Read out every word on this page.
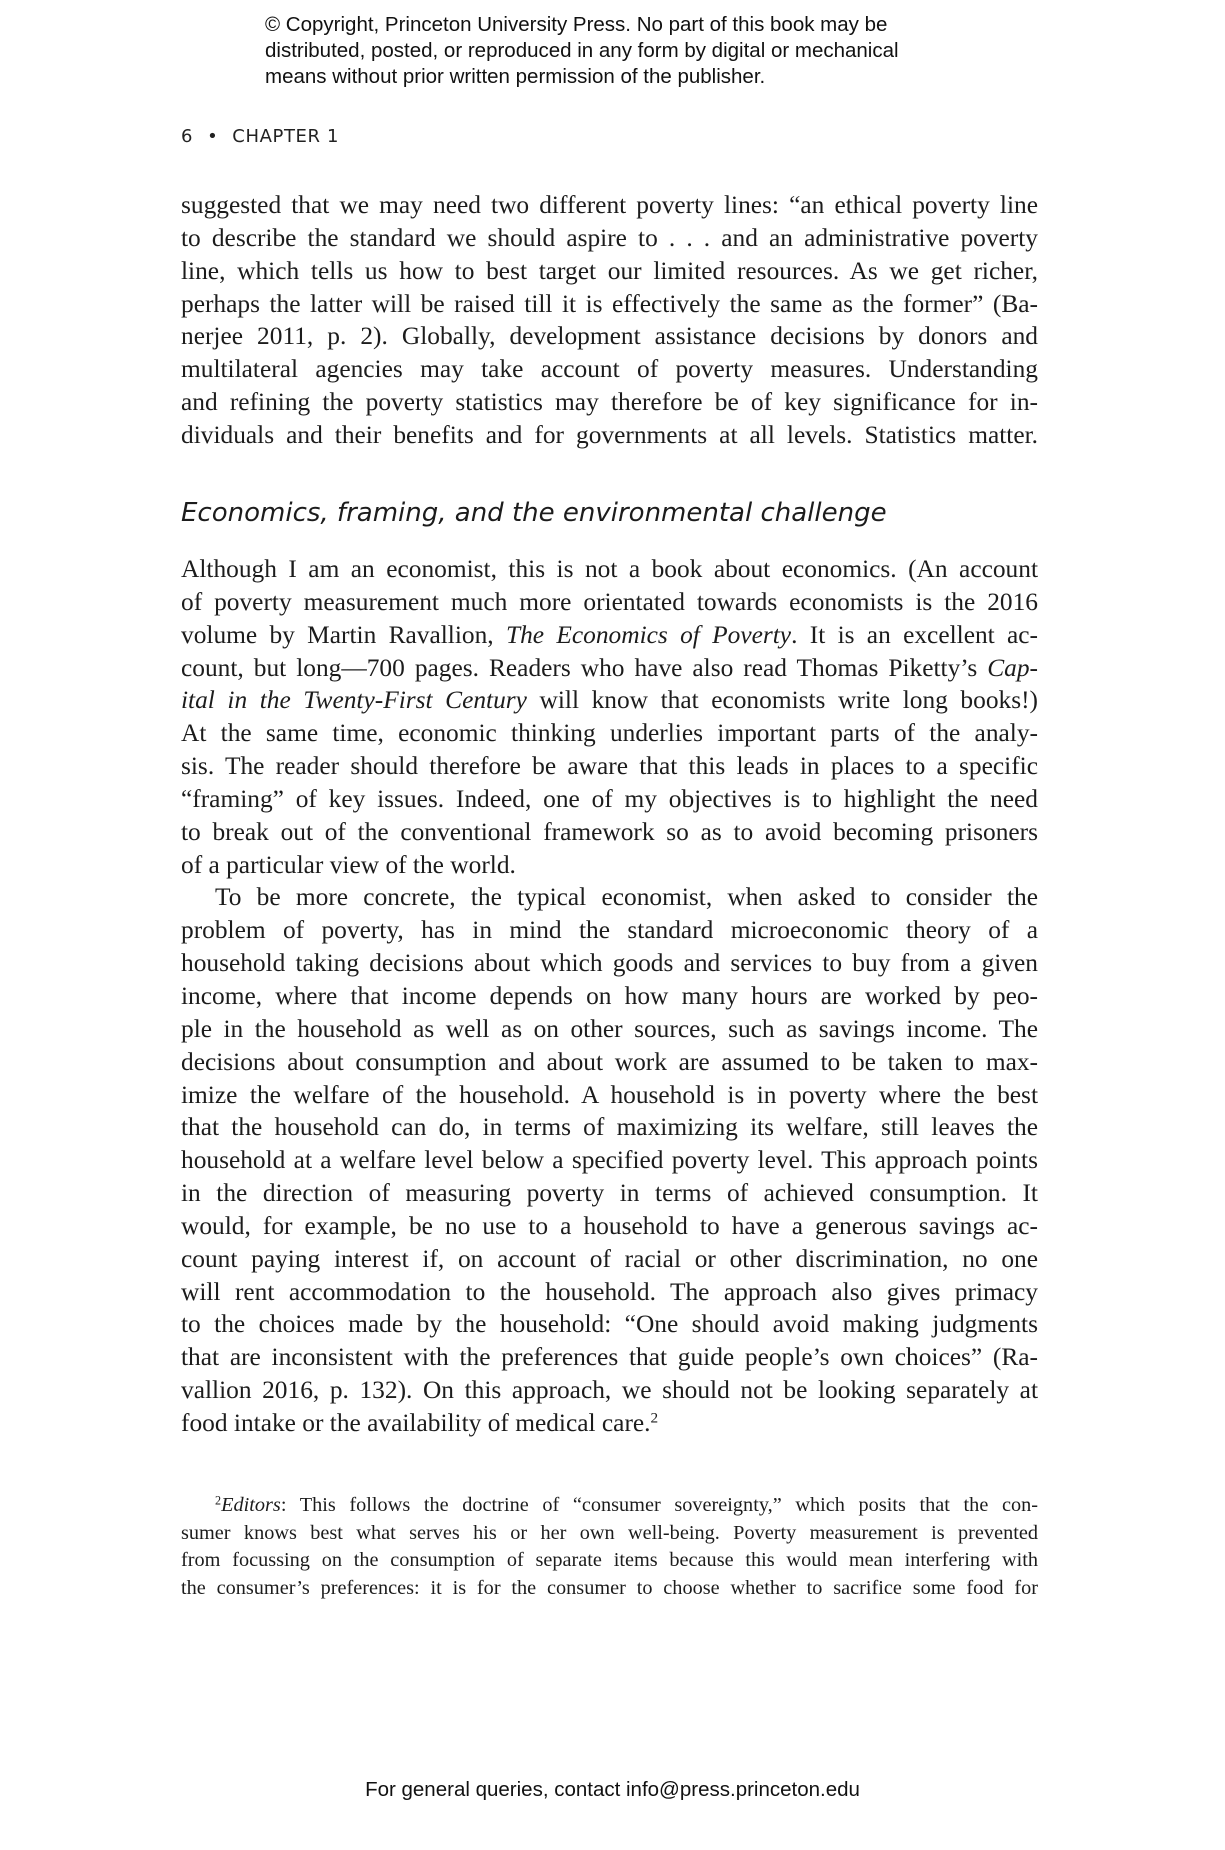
© Copyright, Princeton University Press. No part of this book may be
distributed, posted, or reproduced in any form by digital or mechanical
means without prior written permission of the publisher.
6 • CHAPTER 1
suggested that we may need two different poverty lines: “an ethical poverty line
to describe the standard we should aspire to . . . and an administrative poverty
line, which tells us how to best target our limited resources. As we get richer,
perhaps the latter will be raised till it is effectively the same as the former” (Ba-
nerjee 2011, p. 2). Globally, development assistance decisions by donors and
multilateral agencies may take account of poverty measures. Understanding
and refining the poverty statistics may therefore be of key significance for in-
dividuals and their benefits and for governments at all levels. Statistics matter.
Economics, framing, and the environmental challenge
Although I am an economist, this is not a book about economics. (An account
of poverty measurement much more orientated towards economists is the 2016
volume by Martin Ravallion, The Economics of Poverty. It is an excellent ac-
count, but long—700 pages. Readers who have also read Thomas Piketty’s Cap-
ital in the Twenty-First Century will know that economists write long books!)
At the same time, economic thinking underlies important parts of the analy-
sis. The reader should therefore be aware that this leads in places to a specific
“framing” of key issues. Indeed, one of my objectives is to highlight the need
to break out of the conventional framework so as to avoid becoming prisoners
of a particular view of the world.
To be more concrete, the typical economist, when asked to consider the
problem of poverty, has in mind the standard microeconomic theory of a
household taking decisions about which goods and services to buy from a given
income, where that income depends on how many hours are worked by peo-
ple in the household as well as on other sources, such as savings income. The
decisions about consumption and about work are assumed to be taken to max-
imize the welfare of the household. A household is in poverty where the best
that the household can do, in terms of maximizing its welfare, still leaves the
household at a welfare level below a specified poverty level. This approach points
in the direction of measuring poverty in terms of achieved consumption. It
would, for example, be no use to a household to have a generous savings ac-
count paying interest if, on account of racial or other discrimination, no one
will rent accommodation to the household. The approach also gives primacy
to the choices made by the household: “One should avoid making judgments
that are inconsistent with the preferences that guide people’s own choices” (Ra-
vallion 2016, p. 132). On this approach, we should not be looking separately at
food intake or the availability of medical care.$^2$
$^2$Editors: This follows the doctrine of “consumer sovereignty,” which posits that the con-
sumer knows best what serves his or her own well-being. Poverty measurement is prevented
from focussing on the consumption of separate items because this would mean interfering with
the consumer’s preferences: it is for the consumer to choose whether to sacrifice some food for
For general queries, contact info@press.princeton.edu
